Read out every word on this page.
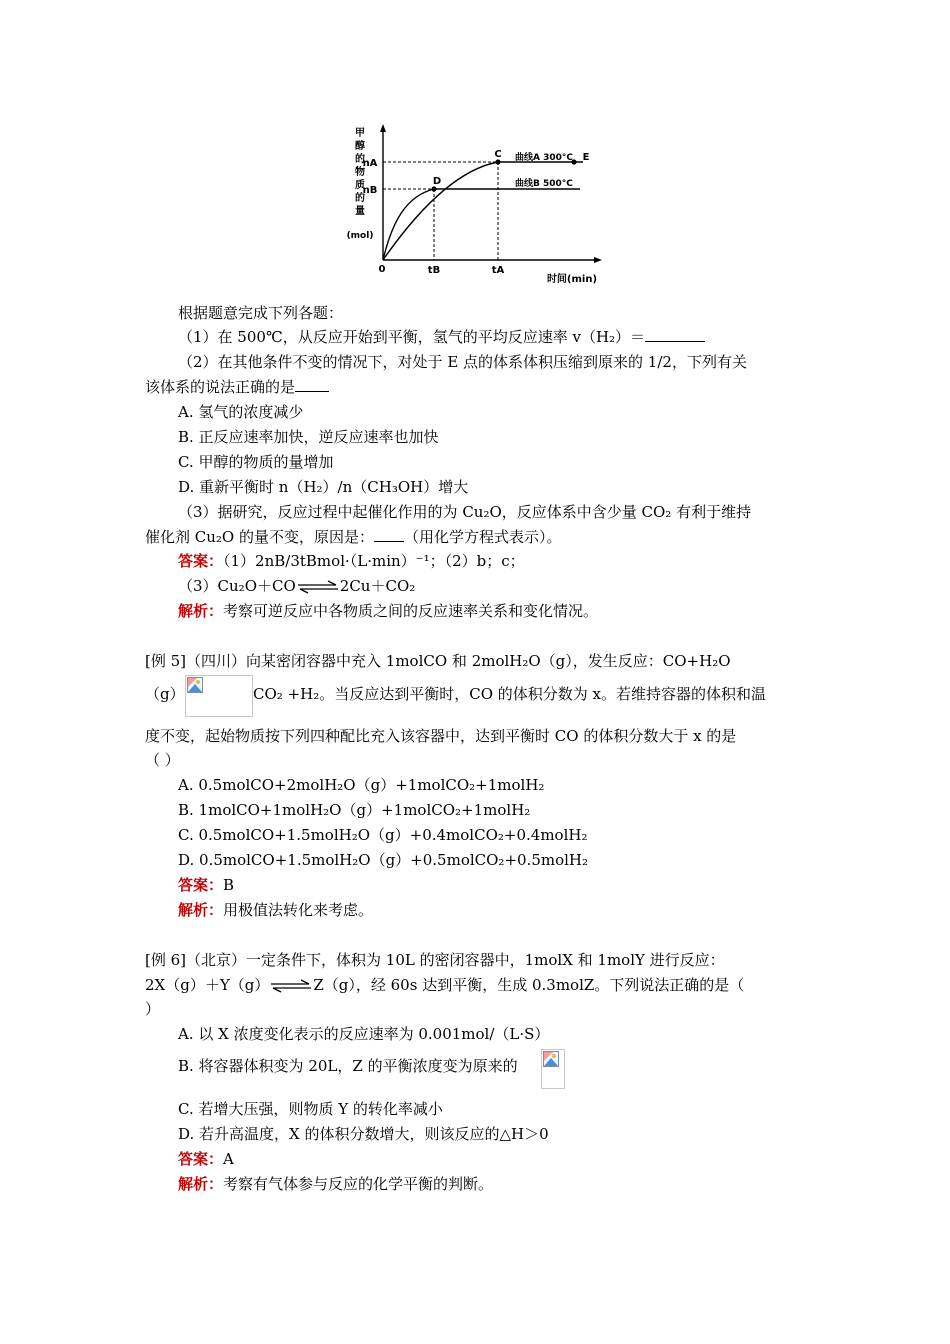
甲
醇
的
物
质
的
量
(mol)
0
时间(min)
tB	tA
nA
nB
C
D
E
曲线A 300°C
曲线B 500°C
根据题意完成下列各题：
（1）在 500℃，从反应开始到平衡，氢气的平均反应速率 v（H₂）＝
（2）在其他条件不变的情况下，对处于 E 点的体系体积压缩到原来的 1/2，下列有关
该体系的说法正确的是
A. 氢气的浓度减少
B. 正反应速率加快，逆反应速率也加快
C. 甲醇的物质的量增加
D. 重新平衡时 n（H₂）/n（CH₃OH）增大
（3）据研究，反应过程中起催化作用的为 Cu₂O，反应体系中含少量 CO₂ 有利于维持
催化剂 Cu₂O 的量不变，原因是： （用化学方程式表示）。
答案：（1）2nB/3tBmol·（L·min）⁻¹；（2）b；c；
（3）Cu₂O＋CO⇌2Cu＋CO₂
解析：考察可逆反应中各物质之间的反应速率关系和变化情况。
[例 5]（四川）向某密闭容器中充入 1molCO 和 2molH₂O（g），发生反应：CO+H₂O
（g）	CO₂ +H₂。当反应达到平衡时，CO 的体积分数为 x。若维持容器的体积和温
度不变，起始物质按下列四种配比充入该容器中，达到平衡时 CO 的体积分数大于 x 的是
（ ）
A. 0.5molCO+2molH₂O（g）+1molCO₂+1molH₂
B. 1molCO+1molH₂O（g）+1molCO₂+1molH₂
C. 0.5molCO+1.5molH₂O（g）+0.4molCO₂+0.4molH₂
D. 0.5molCO+1.5molH₂O（g）+0.5molCO₂+0.5molH₂
答案：B
解析：用极值法转化来考虑。
[例 6]（北京）一定条件下，体积为 10L 的密闭容器中，1molX 和 1molY 进行反应：
2X（g）＋Y（g）⇌Z（g），经 60s 达到平衡，生成 0.3molZ。下列说法正确的是（
）
A. 以 X 浓度变化表示的反应速率为 0.001mol/（L·S）
B. 将容器体积变为 20L，Z 的平衡浓度变为原来的
C. 若增大压强，则物质 Y 的转化率减小
D. 若升高温度，X 的体积分数增大，则该反应的△H＞0
答案：A
解析：考察有气体参与反应的化学平衡的判断。
